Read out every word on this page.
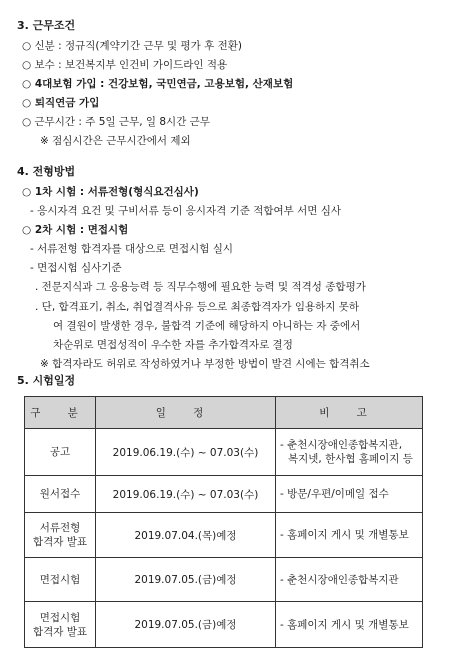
3. 근무조건
○ 신분 : 정규직(계약기간 근무 및 평가 후 전환)
○ 보수 : 보건복지부 인건비 가이드라인 적용
○ 4대보험 가입 : 건강보험, 국민연금, 고용보험, 산재보험
○ 퇴직연금 가입
○ 근무시간 : 주 5일 근무, 일 8시간 근무
※ 점심시간은 근무시간에서 제외
4. 전형방법
○ 1차 시험 : 서류전형(형식요건심사)
- 응시자격 요건 및 구비서류 등이 응시자격 기준 적합여부 서면 심사
○ 2차 시험 : 면접시험
- 서류전형 합격자를 대상으로 면접시험 실시
- 면접시험 심사기준
. 전문지식과 그 응용능력 등 직무수행에 필요한 능력 및 적격성 종합평가
. 단, 합격표기, 취소, 취업결격사유 등으로 최종합격자가 임용하지 못하
여 결원이 발생한 경우, 불합격 기준에 해당하지 아니하는 자 중에서
차순위로 면접성적이 우수한 자를 추가합격자로 결정
※ 합격자라도 허위로 작성하였거나 부정한 방법이 발견 시에는 합격취소
5. 시험일정
구 분	일 정	비 고
공고	2019.06.19.(수) ~ 07.03(수)	- 춘천시장애인종합복지관,
복지넷, 한사협 홈페이지 등

원서접수	2019.06.19.(수) ~ 07.03(수)	- 방문/우편/이메일 접수

서류전형
합격자 발표	2019.07.04.(목)예정	- 홈페이지 게시 및 개별통보
면접시험	2019.07.05.(금)예정	- 춘천시장애인종합복지관

면접시험
합격자 발표	2019.07.05.(금)예정	- 홈페이지 게시 및 개별통보
